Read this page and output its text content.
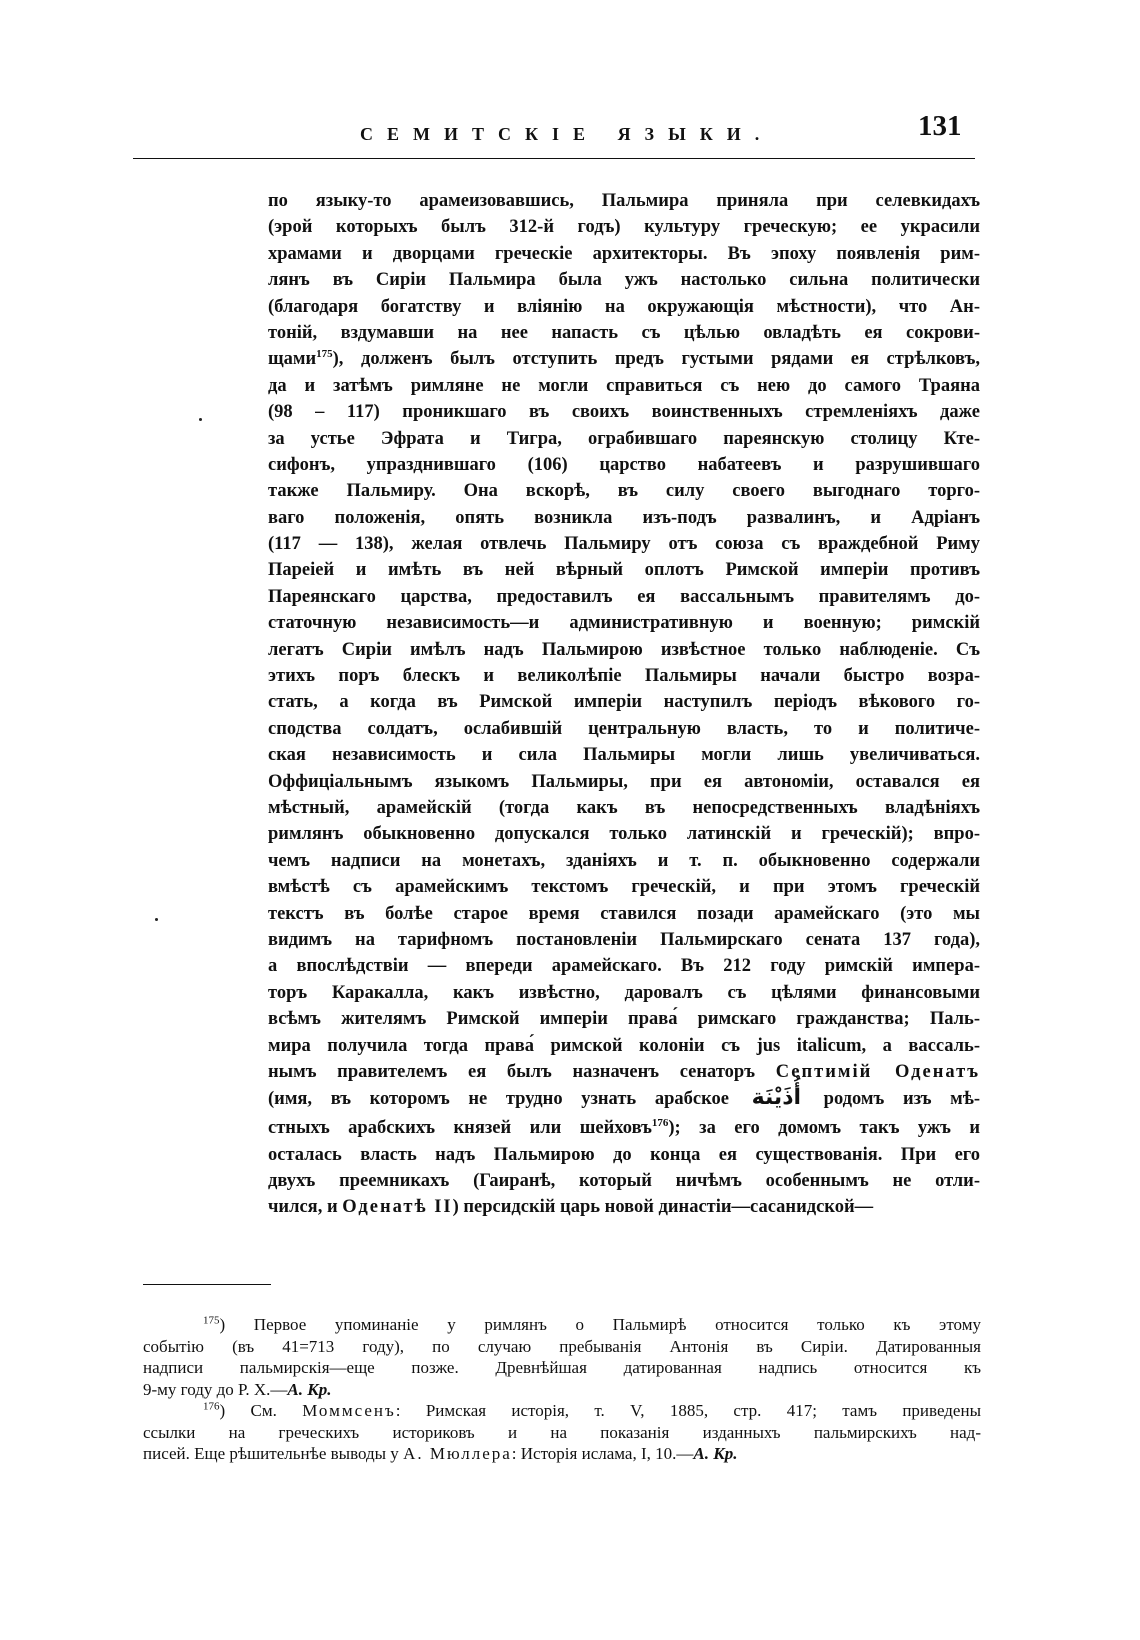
СЕМИТСКІЕ ЯЗЫКИ.	131
по языку-то арамеизовавшись, Пальмира приняла при селевкидахъ
(эрой которыхъ былъ 312-й годъ) культуру греческую; ее украсили
храмами и дворцами греческіе архитекторы. Въ эпоху появленія рим-
лянъ въ Сиріи Пальмира была ужъ настолько сильна политически
(благодаря богатству и вліянію на окружающія мѣстности), что Ан-
тоній, вздумавши на нее напасть съ цѣлью овладѣть ея сокрови-
щами$^{175}$), долженъ былъ отступить предъ густыми рядами ея стрѣлковъ,
да и затѣмъ римляне не могли справиться съ нею до самого Траяна
(98 – 117) проникшаго въ своихъ воинственныхъ стремленіяхъ даже
за устье Эфрата и Тигра, ограбившаго пареянскую столицу Кте-
сифонъ, упразднившаго (106) царство набатеевъ и разрушившаго
также Пальмиру. Она вскорѣ, въ силу своего выгоднаго торго-
ваго положенія, опять возникла изъ-подъ развалинъ, и Адріанъ
(117 — 138), желая отвлечь Пальмиру отъ союза съ враждебной Риму
Пареіей и имѣть въ ней вѣрный оплотъ Римской имперіи противъ
Пареянскаго царства, предоставилъ ея вассальнымъ правителямъ до-
статочную независимость—и административную и военную; римскій
легатъ Сиріи имѣлъ надъ Пальмирою извѣстное только наблюденіе. Съ
этихъ поръ блескъ и великолѣпіе Пальмиры начали быстро возра-
стать, а когда въ Римской имперіи наступилъ періодъ вѣкового го-
сподства солдатъ, ослабившій центральную власть, то и политиче-
ская независимость и сила Пальмиры могли лишь увеличиваться.
Оффиціальнымъ языкомъ Пальмиры, при ея автономіи, оставался ея
мѣстный, арамейскій (тогда какъ въ непосредственныхъ владѣніяхъ
римлянъ обыкновенно допускался только латинскій и греческій); впро-
чемъ надписи на монетахъ, зданіяхъ и т. п. обыкновенно содержали
вмѣстѣ съ арамейскимъ текстомъ греческій, и при этомъ греческій
текстъ въ болѣе старое время ставился позади арамейскаго (это мы
видимъ на тарифномъ постановленіи Пальмирскаго сената 137 года),
а впослѣдствіи — впереди арамейскаго. Въ 212 году римскій импера-
торъ Каракалла, какъ извѣстно, даровалъ съ цѣлями финансовыми
всѣмъ жителямъ Римской имперіи права́ римскаго гражданства; Паль-
мира получила тогда права́ римской колоніи съ jus italicum, а вассаль-
нымъ правителемъ ея былъ назначенъ сенаторъ Септимій Оденатъ
(имя, въ которомъ не трудно узнать арабское أُذَيْنَة родомъ изъ мѣ-
стныхъ арабскихъ князей или шейховъ$^{176}$); за его домомъ такъ ужъ и
осталась власть надъ Пальмирою до конца ея существованія. При его
двухъ преемникахъ (Гаиранѣ, который ничѣмъ особеннымъ не отли-
чился, и Оденатѣ II) персидскій царь новой династіи—сасанидской—
$^{175}$) Первое упоминаніе у римлянъ о Пальмирѣ относится только къ этому
событію (въ 41=713 году), по случаю пребыванія Антонія въ Сиріи. Датированныя
надписи пальмирскія—еще позже. Древнѣйшая датированная надпись относится къ
9-му году до Р. Х.—А. Кр.
$^{176}$) См. Моммсенъ: Римская исторія, т. V, 1885, стр. 417; тамъ приведены
ссылки на греческихъ историковъ и на показанія изданныхъ пальмирскихъ над-
писей. Еще рѣшительнѣе выводы у А. Мюллера: Исторія ислама, I, 10.—А. Кр.
